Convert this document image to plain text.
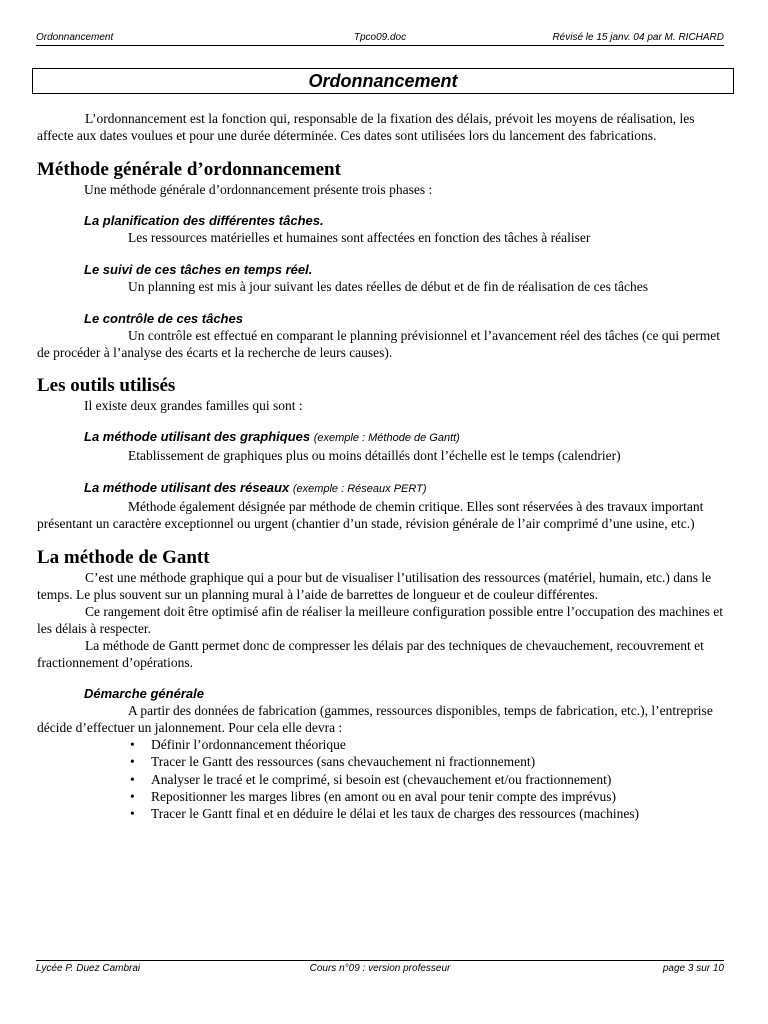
Ordonnancement	Tpco09.doc	Révisé le 15 janv. 04 par M. RICHARD
Ordonnancement

L’ordonnancement est la fonction qui, responsable de la fixation des délais, prévoit les moyens de réalisation, les affecte aux dates voulues et pour une durée déterminée. Ces dates sont utilisées lors du lancement des fabrications.

Méthode générale d’ordonnancement

Une méthode générale d’ordonnancement présente trois phases :

La planification des différentes tâches.

Les ressources matérielles et humaines sont affectées en fonction des tâches à réaliser

Le suivi de ces tâches en temps réel.

Un planning est mis à jour suivant les dates réelles de début et de fin de réalisation de ces tâches

Le contrôle de ces tâches

Un contrôle est effectué en comparant le planning prévisionnel et l’avancement réel des tâches (ce qui permet de procéder à l’analyse des écarts et la recherche de leurs causes).

Les outils utilisés

Il existe deux grandes familles qui sont :

La méthode utilisant des graphiques (exemple : Méthode de Gantt)

Etablissement de graphiques plus ou moins détaillés dont l’échelle est le temps (calendrier)

La méthode utilisant des réseaux (exemple : Réseaux PERT)

Méthode également désignée par méthode de chemin critique. Elles sont réservées à des travaux important présentant un caractère exceptionnel ou urgent (chantier d’un stade, révision générale de l’air comprimé d’une usine, etc.)

La méthode de Gantt

C’est une méthode graphique qui a pour but de visualiser l’utilisation des ressources (matériel, humain, etc.) dans le temps. Le plus souvent sur un planning mural à l’aide de barrettes de longueur et de couleur différentes.

Ce rangement doit être optimisé afin de réaliser la meilleure configuration possible entre l’occupation des machines et les délais à respecter.

La méthode de Gantt permet donc de compresser les délais par des techniques de chevauchement, recouvrement et fractionnement d’opérations.

Démarche générale

A partir des données de fabrication (gammes, ressources disponibles, temps de fabrication, etc.), l’entreprise décide d’effectuer un jalonnement. Pour cela elle devra :

• Définir l’ordonnancement théorique
• Tracer le Gantt des ressources (sans chevauchement ni fractionnement)
• Analyser le tracé et le comprimé, si besoin est (chevauchement et/ou fractionnement)
• Repositionner les marges libres (en amont ou en aval pour tenir compte des imprévus)
• Tracer le Gantt final et en déduire le délai et les taux de charges des ressources (machines)
Lycée P. Duez Cambrai	Cours n°09 : version professeur	page 3 sur 10
